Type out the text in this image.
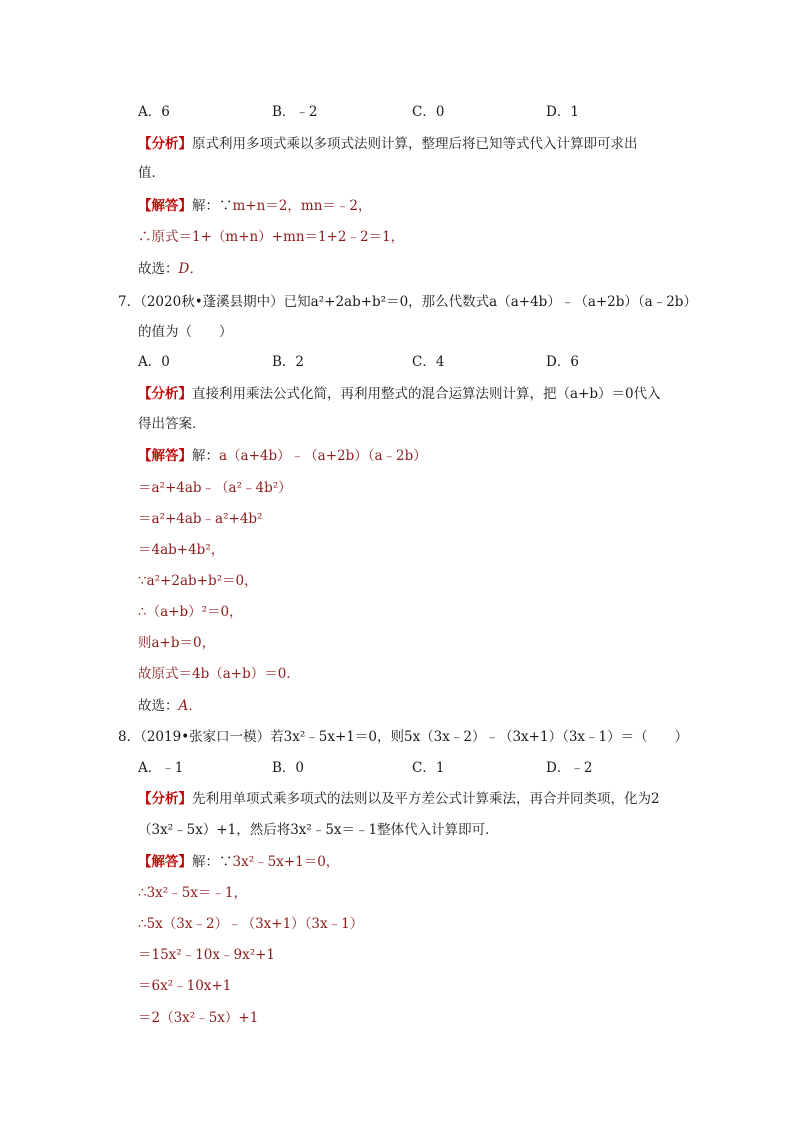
A．6	B．﹣2	C．0	D．1
【分析】原式利用多项式乘以多项式法则计算，整理后将已知等式代入计算即可求出
值．
【解答】解：∵m+n＝2，mn＝﹣2，
∴原式＝1+（m+n）+mn＝1+2﹣2＝1，
故选：D．
7．（2020秋•蓬溪县期中）已知a²+2ab+b²＝0，那么代数式a（a+4b）﹣（a+2b）（a﹣2b）
的值为（　　）
A．0	B．2	C．4	D．6
【分析】直接利用乘法公式化简，再利用整式的混合运算法则计算，把（a+b）＝0代入
得出答案．
【解答】解：a（a+4b）﹣（a+2b）（a﹣2b）
＝a²+4ab﹣（a²﹣4b²）
＝a²+4ab﹣a²+4b²
＝4ab+4b²，
∵a²+2ab+b²＝0，
∴（a+b）²＝0，
则a+b＝0，
故原式＝4b（a+b）＝0．
故选：A．
8．（2019•张家口一模）若3x²﹣5x+1＝0，则5x（3x﹣2）﹣（3x+1）（3x﹣1）＝（　　）
A．﹣1	B．0	C．1	D．﹣2
【分析】先利用单项式乘多项式的法则以及平方差公式计算乘法，再合并同类项，化为2
（3x²﹣5x）+1，然后将3x²﹣5x＝﹣1整体代入计算即可．
【解答】解：∵3x²﹣5x+1＝0，
∴3x²﹣5x＝﹣1，
∴5x（3x﹣2）﹣（3x+1）（3x﹣1）
＝15x²﹣10x﹣9x²+1
＝6x²﹣10x+1
＝2（3x²﹣5x）+1
